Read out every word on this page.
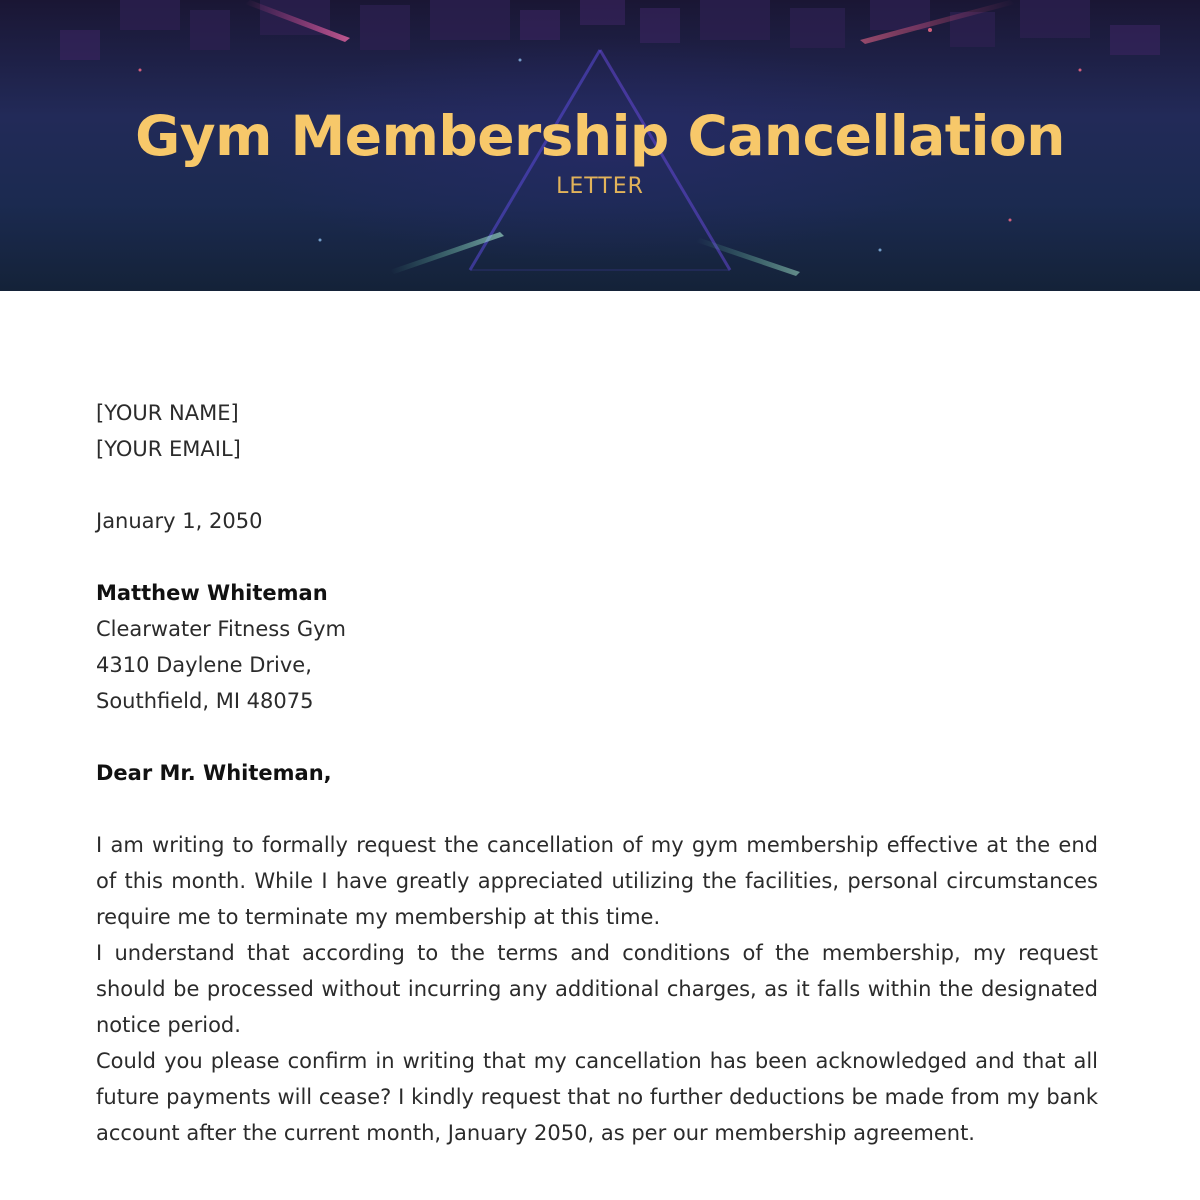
Gym Membership Cancellation
LETTER

[YOUR NAME]

[YOUR EMAIL]

January 1, 2050

Matthew Whiteman

Clearwater Fitness Gym

4310 Daylene Drive,

Southfield, MI 48075

Dear Mr. Whiteman,

I am writing to formally request the cancellation of my gym membership effective at the end of this month. While I have greatly appreciated utilizing the facilities, personal circumstances require me to terminate my membership at this time.

I understand that according to the terms and conditions of the membership, my request should be processed without incurring any additional charges, as it falls within the designated notice period.

Could you please confirm in writing that my cancellation has been acknowledged and that all future payments will cease? I kindly request that no further deductions be made from my bank account after the current month, January 2050, as per our membership agreement.
